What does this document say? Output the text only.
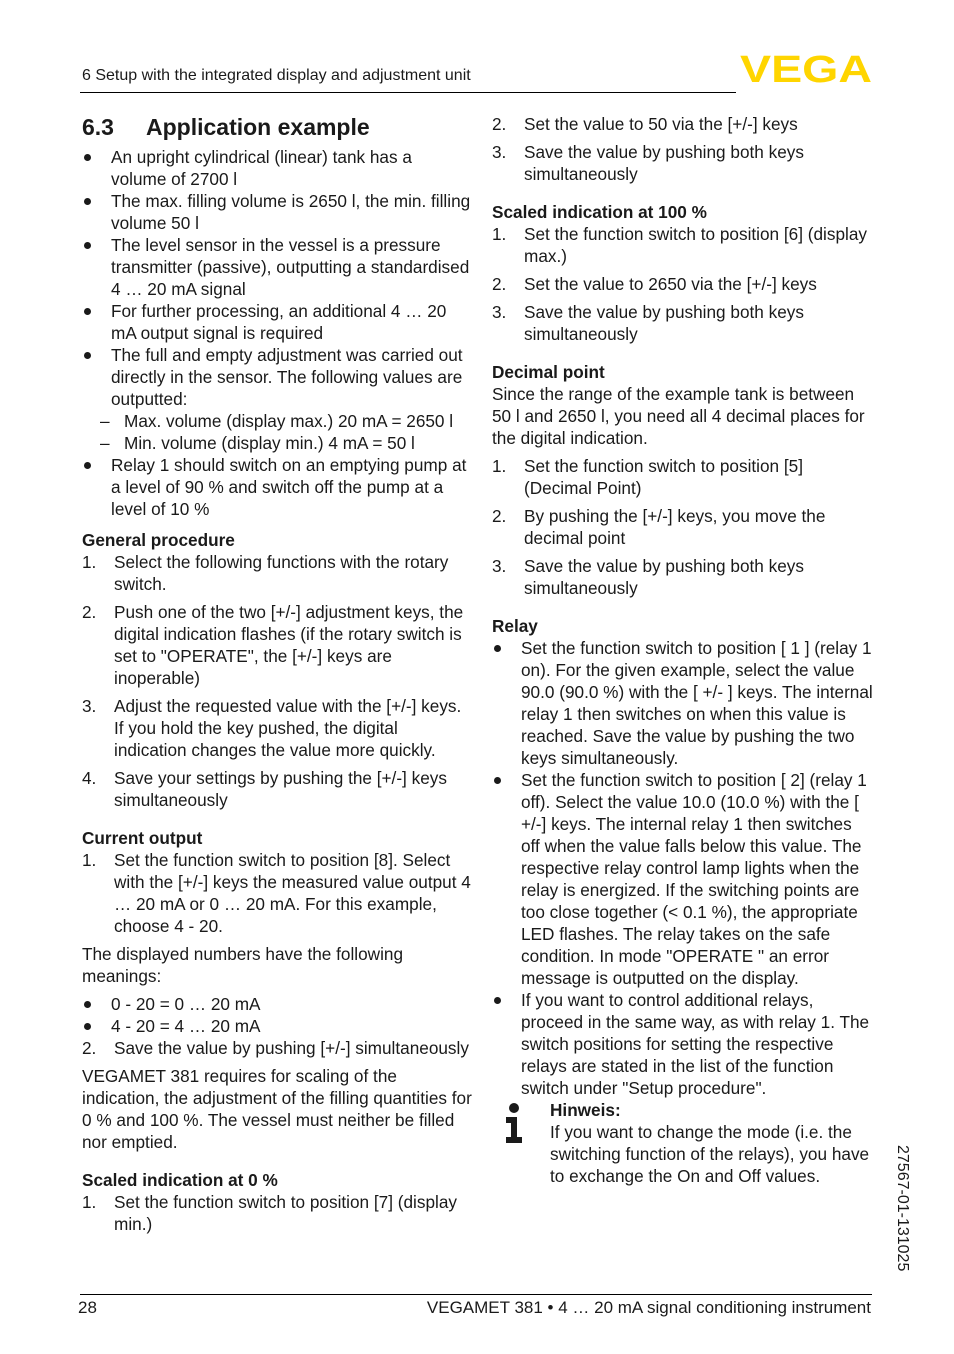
6 Setup with the integrated display and adjustment unit	VEGA
6.3	Application example
An upright cylindrical (linear) tank has a volume of 2700 l
The max. filling volume is 2650 l, the min. filling volume 50 l
The level sensor in the vessel is a pressure transmitter (passive), outputting a standardised 4 … 20 mA signal
For further processing, an additional 4 … 20 mA output signal is required
The full and empty adjustment was carried out directly in the sensor. The following values are outputted:
– Max. volume (display max.) 20 mA = 2650 l
– Min. volume (display min.) 4 mA = 50 l
Relay 1 should switch on an emptying pump at a level of 90 % and switch off the pump at a level of 10 %
General procedure
1.	Select the following functions with the rotary switch.
2.	Push one of the two [+/-] adjustment keys, the digital indication flashes (if the rotary switch is set to "OPERATE", the [+/-] keys are inoperable)
3.	Adjust the requested value with the [+/-] keys. If you hold the key pushed, the digital indication changes the value more quickly.
4.	Save your settings by pushing the [+/-] keys simultaneously
Current output
1.	Set the function switch to position [8]. Select with the [+/-] keys the measured value output 4 … 20 mA or 0 … 20 mA. For this example, choose 4 - 20.

The displayed numbers have the following meanings:

0 - 20 = 0 … 20 mA
4 - 20 = 4 … 20 mA
2.	Save the value by pushing [+/-] simultaneously

VEGAMET 381 requires for scaling of the indication, the adjustment of the filling quantities for 0 % and 100 %. The vessel must neither be filled nor emptied.

Scaled indication at 0 %
1.	Set the function switch to position [7] (display min.)
2.	Set the value to 50 via the [+/-] keys
3.	Save the value by pushing both keys simultaneously
Scaled indication at 100 %
1.	Set the function switch to position [6] (display max.)
2.	Set the value to 2650 via the [+/-] keys
3.	Save the value by pushing both keys simultaneously
Decimal point

Since the range of the example tank is between 50 l and 2650 l, you need all 4 decimal places for the digital indication.

1.	Set the function switch to position [5] (Decimal Point)
2.	By pushing the [+/-] keys, you move the decimal point
3.	Save the value by pushing both keys simultaneously
Relay
Set the function switch to position [ 1 ] (relay 1 on). For the given example, select the value 90.0 (90.0 %) with the [ +/- ] keys. The internal relay 1 then switches on when this value is reached. Save the value by pushing the two keys simultaneously.
Set the function switch to position [ 2] (relay 1 off). Select the value 10.0 (10.0 %) with the [ +/-] keys. The internal relay 1 then switches off when the value falls below this value. The respective relay control lamp lights when the relay is energized. If the switching points are too close together (< 0.1 %), the appropriate LED flashes. The relay takes on the safe condition. In mode "OPERATE " an error message is outputted on the display.
If you want to control additional relays, proceed in the same way, as with relay 1. The switch positions for setting the respective relays are stated in the list of the function switch under "Setup procedure".
Hinweis:

If you want to change the mode (i.e. the switching function of the relays), you have to exchange the On and Off values.	27567-01-131025
28	VEGAMET 381 • 4 … 20 mA signal conditioning instrument
